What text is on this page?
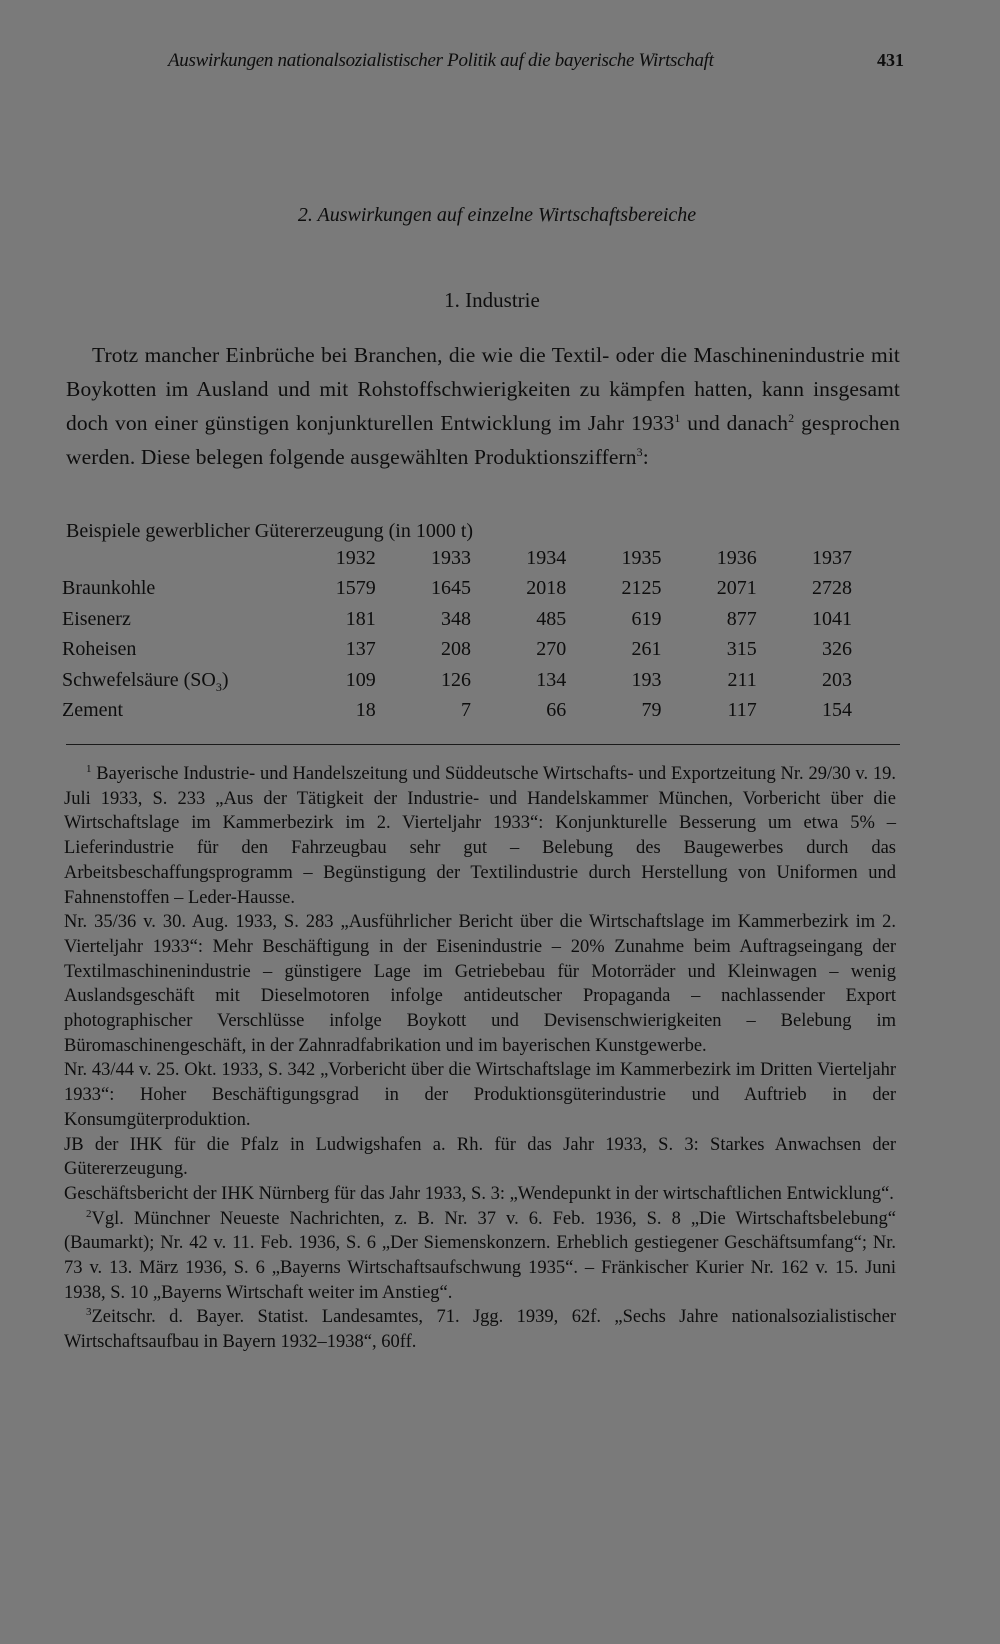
Auswirkungen nationalsozialistischer Politik auf die bayerische Wirtschaft	431
2. Auswirkungen auf einzelne Wirtschaftsbereiche
1. Industrie
Trotz mancher Einbrüche bei Branchen, die wie die Textil- oder die Maschinenindustrie mit Boykotten im Ausland und mit Rohstoffschwierigkeiten zu kämpfen hatten, kann insgesamt doch von einer günstigen konjunkturellen Entwicklung im Jahr 1933$^1$ und danach$^2$ gesprochen werden. Diese belegen folgende ausgewählten Produktionsziffern$^3$:
Beispiele gewerblicher Gütererzeugung (in 1000 t)
	1932	1933	1934	1935	1936	1937
Braunkohle	1579	1645	2018	2125	2071	2728
Eisenerz	181	348	485	619	877	1041
Roheisen	137	208	270	261	315	326
Schwefelsäure $(SO_3)$	109	126	134	193	211	203
Zement	18	7	66	79	117	154

$^1$ Bayerische Industrie- und Handelszeitung und Süddeutsche Wirtschafts- und Exportzeitung Nr. 29/30 v. 19. Juli 1933, S. 233 „Aus der Tätigkeit der Industrie- und Handelskammer München, Vorbericht über die Wirtschaftslage im Kammerbezirk im 2. Vierteljahr 1933“: Konjunkturelle Besserung um etwa 5% – Lieferindustrie für den Fahrzeugbau sehr gut – Belebung des Baugewerbes durch das Arbeitsbeschaffungsprogramm – Begünstigung der Textilindustrie durch Herstellung von Uniformen und Fahnenstoffen – Leder-Hausse.

Nr. 35/36 v. 30. Aug. 1933, S. 283 „Ausführlicher Bericht über die Wirtschaftslage im Kammerbezirk im 2. Vierteljahr 1933“: Mehr Beschäftigung in der Eisenindustrie – 20% Zunahme beim Auftragseingang der Textilmaschinenindustrie – günstigere Lage im Getriebebau für Motorräder und Kleinwagen – wenig Auslandsgeschäft mit Dieselmotoren infolge antideutscher Propaganda – nachlassender Export photographischer Verschlüsse infolge Boykott und Devisenschwierigkeiten – Belebung im Büromaschinengeschäft, in der Zahnradfabrikation und im bayerischen Kunstgewerbe.

Nr. 43/44 v. 25. Okt. 1933, S. 342 „Vorbericht über die Wirtschaftslage im Kammerbezirk im Dritten Vierteljahr 1933“: Hoher Beschäftigungsgrad in der Produktionsgüterindustrie und Auftrieb in der Konsumgüterproduktion.

JB der IHK für die Pfalz in Ludwigshafen a. Rh. für das Jahr 1933, S. 3: Starkes Anwachsen der Gütererzeugung.

Geschäftsbericht der IHK Nürnberg für das Jahr 1933, S. 3: „Wendepunkt in der wirtschaftlichen Entwicklung“.

$^2$Vgl. Münchner Neueste Nachrichten, z. B. Nr. 37 v. 6. Feb. 1936, S. 8 „Die Wirtschaftsbelebung“ (Baumarkt); Nr. 42 v. 11. Feb. 1936, S. 6 „Der Siemenskonzern. Erheblich gestiegener Geschäftsumfang“; Nr. 73 v. 13. März 1936, S. 6 „Bayerns Wirtschaftsaufschwung 1935“. – Fränkischer Kurier Nr. 162 v. 15. Juni 1938, S. 10 „Bayerns Wirtschaft weiter im Anstieg“.

$^3$Zeitschr. d. Bayer. Statist. Landesamtes, 71. Jgg. 1939, 62f. „Sechs Jahre nationalsozialistischer Wirtschaftsaufbau in Bayern 1932–1938“, 60ff.
